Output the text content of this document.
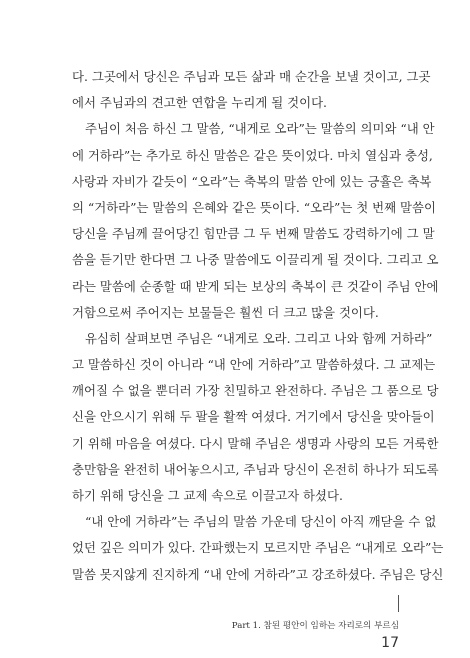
다. 그곳에서 당신은 주님과 모든 삶과 매 순간을 보낼 것이고, 그곳
에서 주님과의 견고한 연합을 누리게 될 것이다.
주님이 처음 하신 그 말씀, “내게로 오라”는 말씀의 의미와 “내 안
에 거하라”는 추가로 하신 말씀은 같은 뜻이었다. 마치 열심과 충성,
사랑과 자비가 같듯이 “오라”는 축복의 말씀 안에 있는 긍휼은 축복
의 “거하라”는 말씀의 은혜와 같은 뜻이다. “오라”는 첫 번째 말씀이
당신을 주님께 끌어당긴 힘만큼 그 두 번째 말씀도 강력하기에 그 말
씀을 듣기만 한다면 그 나중 말씀에도 이끌리게 될 것이다. 그리고 오
라는 말씀에 순종할 때 받게 되는 보상의 축복이 큰 것같이 주님 안에
거함으로써 주어지는 보물들은 훨씬 더 크고 많을 것이다.
유심히 살펴보면 주님은 “내게로 오라. 그리고 나와 함께 거하라”
고 말씀하신 것이 아니라 “내 안에 거하라”고 말씀하셨다. 그 교제는
깨어질 수 없을 뿐더러 가장 친밀하고 완전하다. 주님은 그 품으로 당
신을 안으시기 위해 두 팔을 활짝 여셨다. 거기에서 당신을 맞아들이
기 위해 마음을 여셨다. 다시 말해 주님은 생명과 사랑의 모든 거룩한
충만함을 완전히 내어놓으시고, 주님과 당신이 온전히 하나가 되도록
하기 위해 당신을 그 교제 속으로 이끌고자 하셨다.
“내 안에 거하라”는 주님의 말씀 가운데 당신이 아직 깨닫을 수 없
었던 깊은 의미가 있다. 간파했는지 모르지만 주님은 “내게로 오라”는
말씀 못지않게 진지하게 “내 안에 거하라”고 강조하셨다. 주님은 당신
Part 1. 참된 평안이 임하는 자리로의 부르심
17
